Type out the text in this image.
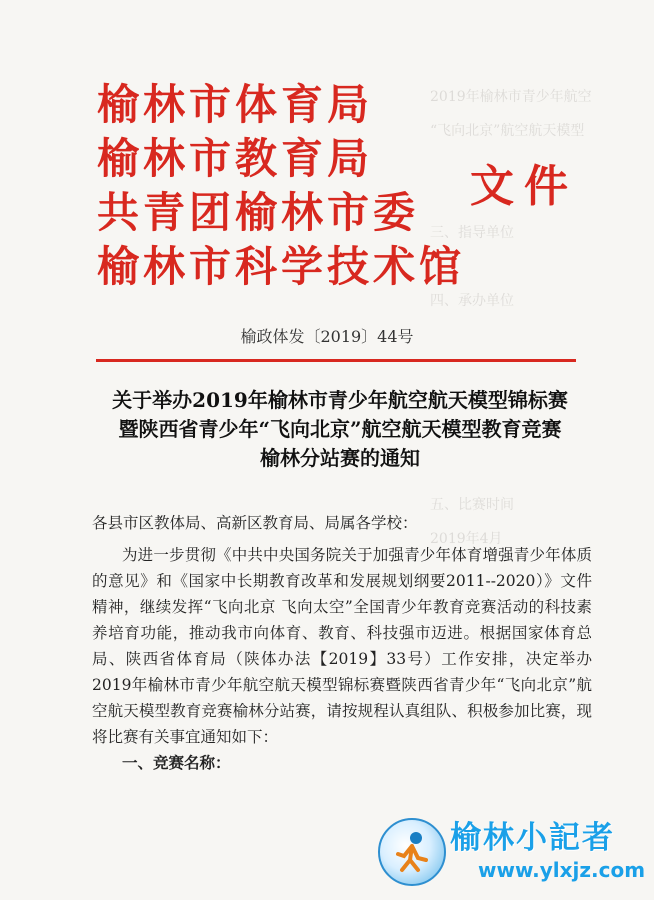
2019年榆林市青少年航空
“飞向北京”航空航天模型
三、指导单位
四、承办单位
五、比赛时间
2019年4月
榆林市体育局
榆林市教育局
共青团榆林市委
榆林市科学技术馆
文件
榆政体发〔2019〕44号
关于举办2019年榆林市青少年航空航天模型锦标赛
暨陕西省青少年“飞向北京”航空航天模型教育竞赛
榆林分站赛的通知

各县市区教体局、高新区教育局、局属各学校：

为进一步贯彻《中共中央国务院关于加强青少年体育增强青少年体质的意见》和《国家中长期教育改革和发展规划纲要2011--2020）》文件精神，继续发挥“飞向北京 飞向太空”全国青少年教育竞赛活动的科技素养培育功能，推动我市向体育、教育、科技强市迈进。根据国家体育总局、陕西省体育局（陕体办法【2019】33号）工作安排，决定举办2019年榆林市青少年航空航天模型锦标赛暨陕西省青少年“飞向北京”航空航天模型教育竞赛榆林分站赛，请按规程认真组队、积极参加比赛，现将比赛有关事宜通知如下：

一、竞赛名称：

榆林小記者
www.ylxjz.com
